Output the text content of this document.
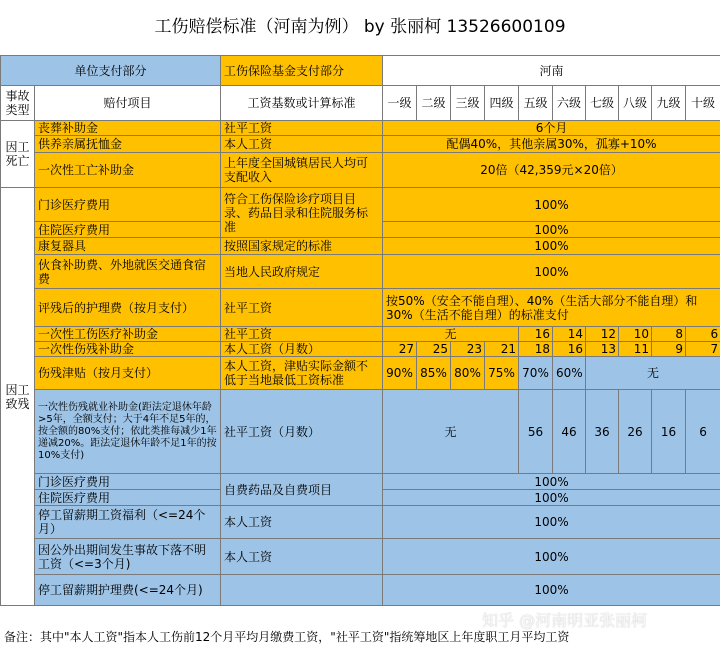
工伤赔偿标准（河南为例） by 张丽柯 13526600109
单位支付部分		工伤保险基金支付部分	河南									
事故类型	赔付项目	工资基数或计算标准	一级	二级	三级	四级	五级	六级	七级	八级	九级	十级
因工死亡	丧葬补助金	社平工资	6个月									
	供养亲属抚恤金	本人工资	配偶40%，其他亲属30%，孤寡+10%									
	一次性工亡补助金	上年度全国城镇居民人均可支配收入	20倍（42,359元×20倍）									
因工致残	门诊医疗费用	符合工伤保险诊疗项目目录、药品目录和住院服务标准	100%									
	住院医疗费用		100%									
	康复器具	按照国家规定的标准	100%									
	伙食补助费、外地就医交通食宿费	当地人民政府规定	100%									
	评残后的护理费（按月支付）	社平工资	按50%（安全不能自理）、40%（生活大部分不能自理）和30%（生活不能自理）的标准支付									
	一次性工伤医疗补助金	社平工资	无				16	14	12	10	8	6
	一次性伤残补助金	本人工资（月数）	27	25	23	21	18	16	13	11	9	7
	伤残津贴（按月支付）	本人工资，津贴实际金额不低于当地最低工资标准	90%	85%	80%	75%	70%	60%	无			
	一次性伤残就业补助金(距法定退休年龄>5年，全额支付；大于4年不足5年的，按全额的80%支付；依此类推每减少1年递减20%。距法定退休年龄不足1年的按10%支付)	社平工资（月数）	无				56	46	36	26	16	6
	门诊医疗费用	自费药品及自费项目	100%									
	住院医疗费用		100%									
	停工留薪期工资福利（<=24个月）	本人工资	100%									
	因公外出期间发生事故下落不明工资（<=3个月)	本人工资	100%									
	停工留薪期护理费(<=24个月)		100%									
知乎 @河南明亚张丽柯
备注：其中"本人工资"指本人工伤前12个月平均月缴费工资，"社平工资"指统筹地区上年度职工月平均工资
